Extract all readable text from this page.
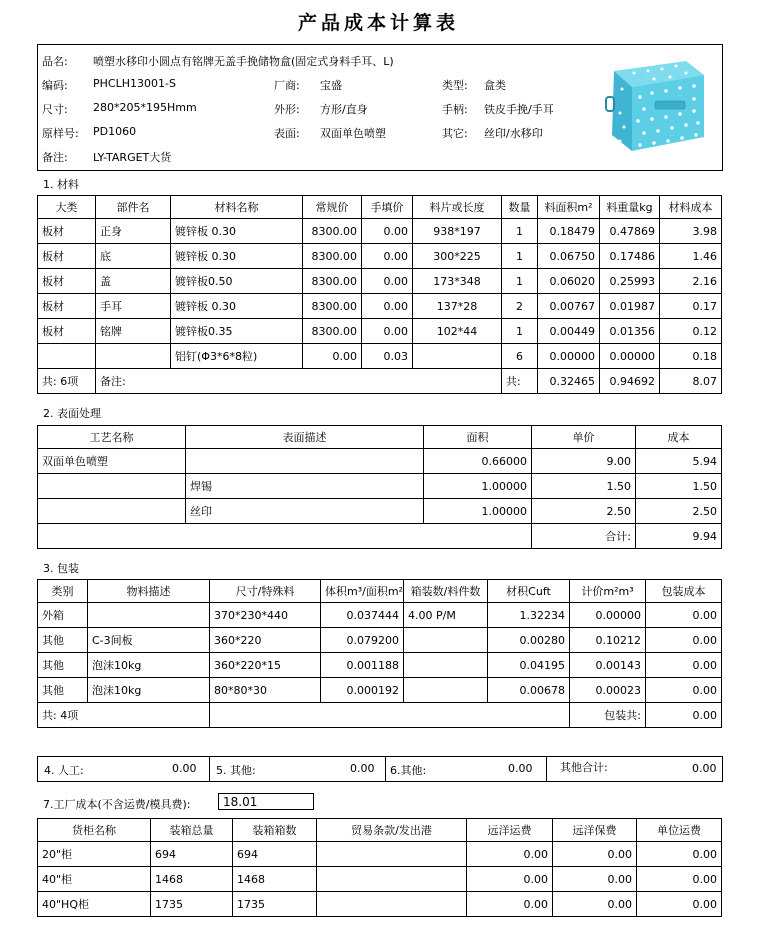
产品成本计算表
品名: 喷塑水移印小圆点有铭牌无盖手挽储物盒(固定式身料手耳、L)
编码: PHCLH13001-S	厂商: 宝盛	类型: 盒类
尺寸: 280*205*195Hmm	外形: 方形/直身	手柄: 铁皮手挽/手耳
原样号: PD1060	表面: 双面单色喷塑	其它: 丝印/水移印
备注: LY-TARGET大货
1. 材料
大类	部件名	材料名称	常规价	手填价	料片或长度	数量	料面积m²	料重量kg	材料成本
板材	正身	镀锌板 0.30	8300.00	0.00	938*197	1	0.18479	0.47869	3.98
板材	底	镀锌板 0.30	8300.00	0.00	300*225	1	0.06750	0.17486	1.46
板材	盖	镀锌板0.50	8300.00	0.00	173*348	1	0.06020	0.25993	2.16
板材	手耳	镀锌板 0.30	8300.00	0.00	137*28	2	0.00767	0.01987	0.17
板材	铭牌	镀锌板0.35	8300.00	0.00	102*44	1	0.00449	0.01356	0.12
		铝钉(Φ3*6*8粒)	0.00	0.03		6	0.00000	0.00000	0.18
共: 6项	备注:					共:	0.32465	0.94692	8.07
2. 表面处理
工艺名称	表面描述	面积	单价	成本
双面单色喷塑		0.66000	9.00	5.94
	焊锡	1.00000	1.50	1.50
	丝印	1.00000	2.50	2.50
			合计:	9.94
3. 包装
类别	物料描述	尺寸/特殊料	体积m³/面积m²	箱装数/料件数	材积Cuft	计价m²m³	包装成本
外箱		370*230*440	0.037444	4.00 P/M	1.32234	0.00000	0.00
其他	C-3间板	360*220	0.079200		0.00280	0.10212	0.00
其他	泡沫10kg	360*220*15	0.001188		0.04195	0.00143	0.00
其他	泡沫10kg	80*80*30	0.000192		0.00678	0.00023	0.00
共: 4项						包装共:	0.00
4. 人工:	0.00 5. 其他:	0.00 6.其他:	0.00	其他合计:	0.00
7.工厂成本(不含运费/模具费):	18.01
货柜名称	装箱总量	装箱箱数	贸易条款/发出港	远洋运费	远洋保费	单位运费
20"柜	694	694		0.00	0.00	0.00
40"柜	1468	1468		0.00	0.00	0.00
40"HQ柜	1735	1735		0.00	0.00	0.00
